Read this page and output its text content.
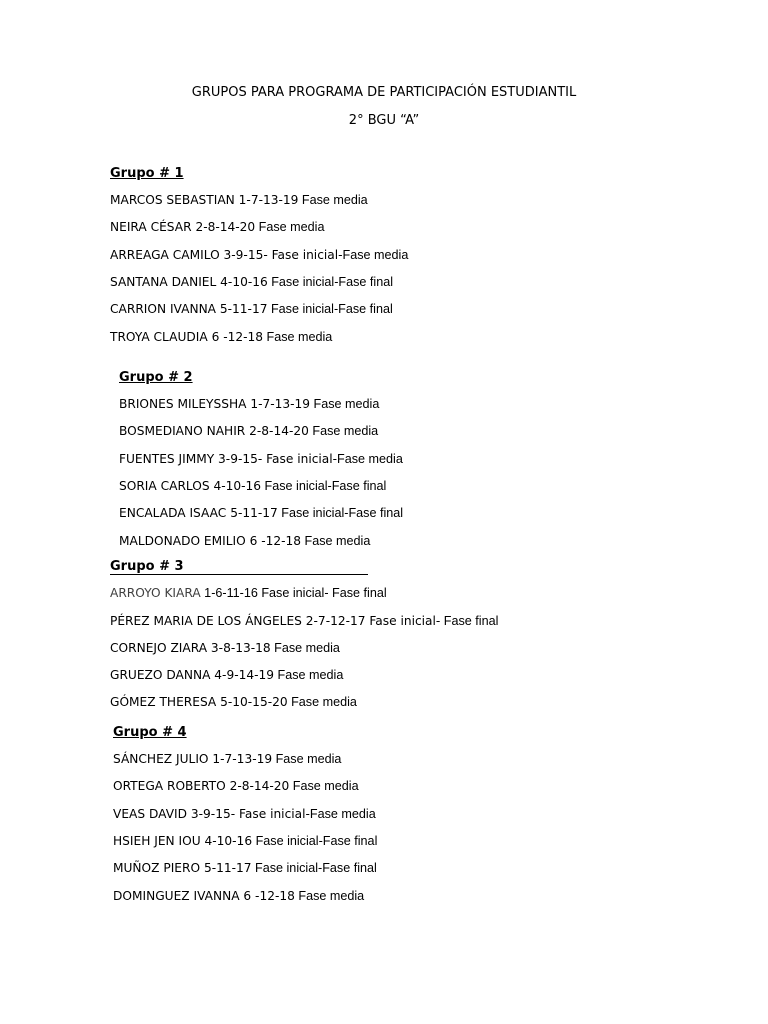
GRUPOS PARA PROGRAMA DE PARTICIPACIÓN ESTUDIANTIL
2° BGU “A”
Grupo # 1
MARCOS SEBASTIAN 1-7-13-19 Fase media
NEIRA CÉSAR 2-8-14-20 Fase media
ARREAGA CAMILO 3-9-15- Fase inicial-Fase media
SANTANA DANIEL 4-10-16 Fase inicial-Fase final
CARRION IVANNA 5-11-17 Fase inicial-Fase final
TROYA CLAUDIA 6 -12-18 Fase media
Grupo # 2
BRIONES MILEYSSHA 1-7-13-19 Fase media
BOSMEDIANO NAHIR 2-8-14-20 Fase media
FUENTES JIMMY 3-9-15- Fase inicial-Fase media
SORIA CARLOS 4-10-16 Fase inicial-Fase final
ENCALADA ISAAC 5-11-17 Fase inicial-Fase final
MALDONADO EMILIO 6 -12-18 Fase media
Grupo # 3
ARROYO KIARA 1-6-11-16 Fase inicial- Fase final
PÉREZ MARIA DE LOS ÁNGELES 2-7-12-17 Fase inicial- Fase final
CORNEJO ZIARA 3-8-13-18 Fase media
GRUEZO DANNA 4-9-14-19 Fase media
GÓMEZ THERESA 5-10-15-20 Fase media
Grupo # 4
SÁNCHEZ JULIO 1-7-13-19 Fase media
ORTEGA ROBERTO 2-8-14-20 Fase media
VEAS DAVID 3-9-15- Fase inicial-Fase media
HSIEH JEN IOU 4-10-16 Fase inicial-Fase final
MUÑOZ PIERO 5-11-17 Fase inicial-Fase final
DOMINGUEZ IVANNA 6 -12-18 Fase media
